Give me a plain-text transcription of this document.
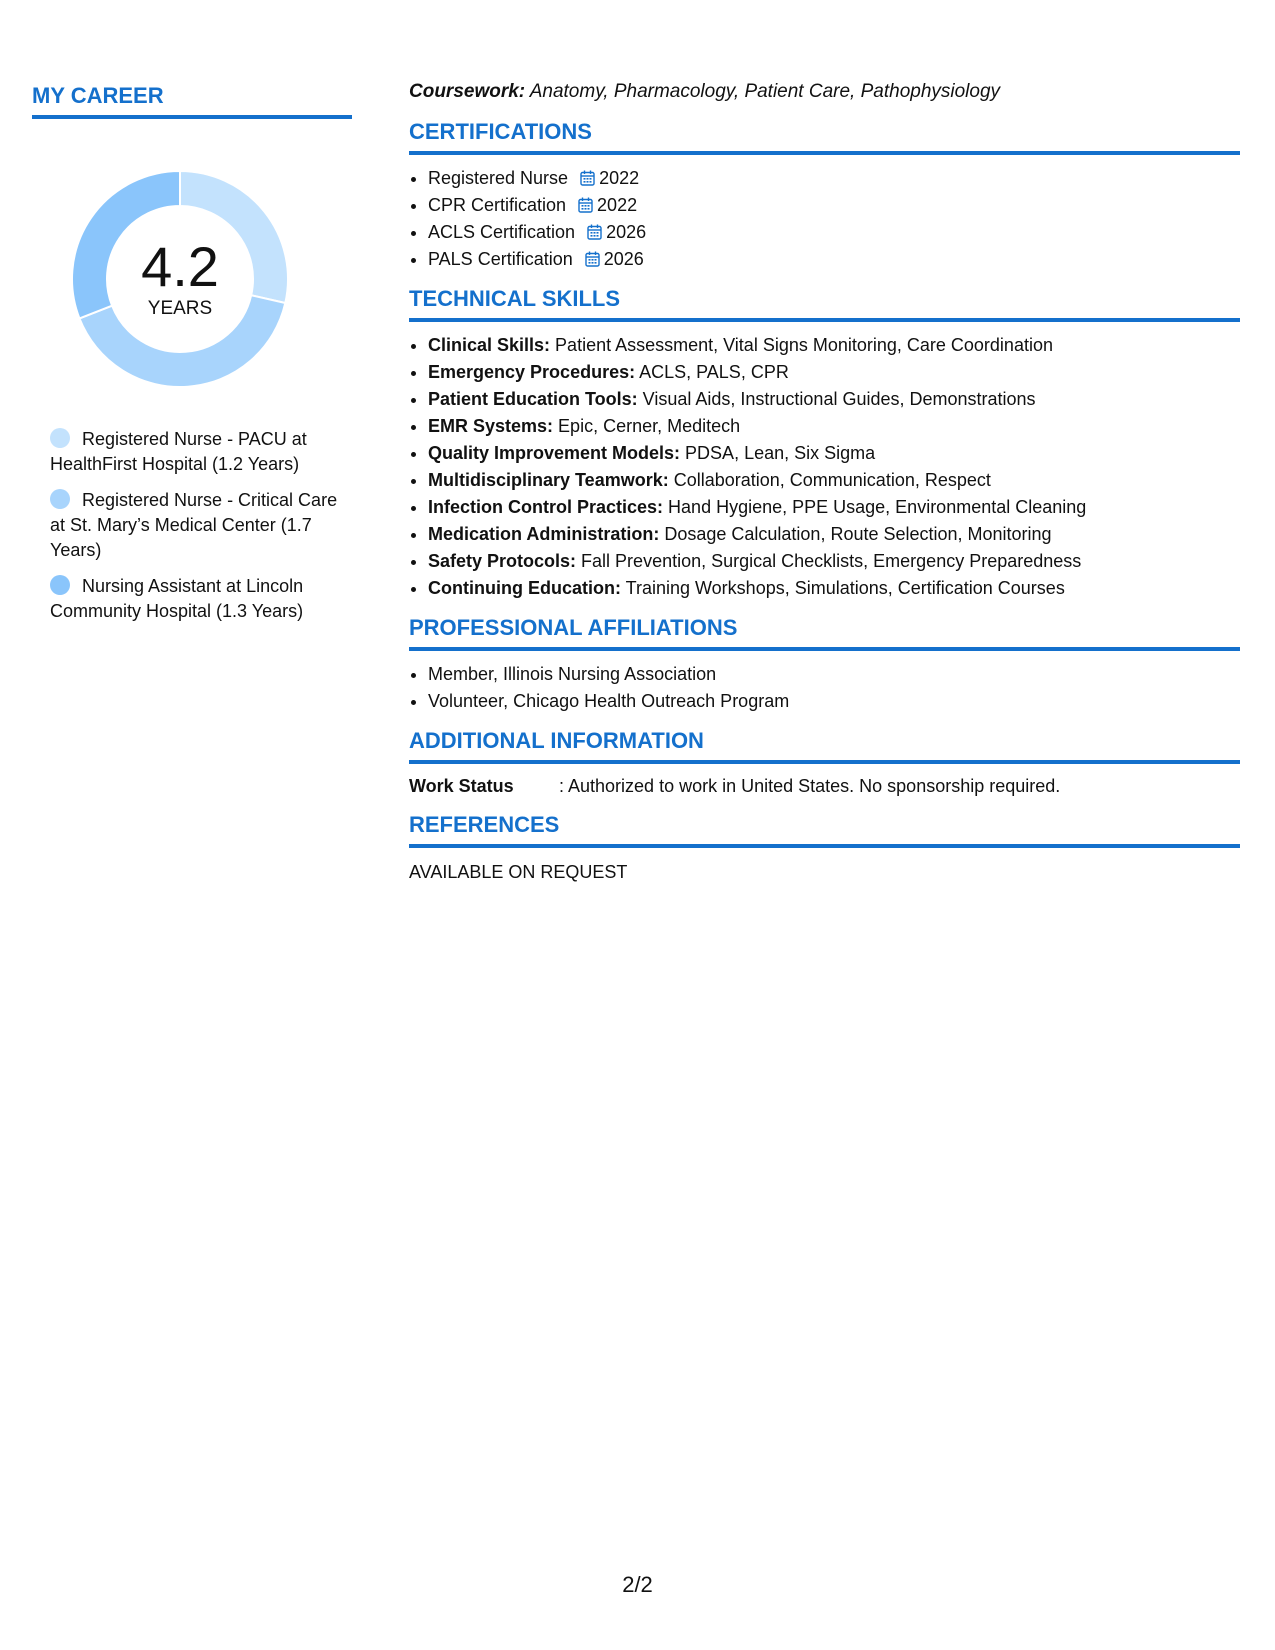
MY CAREER
4.2
YEARS
Registered Nurse - PACU at HealthFirst Hospital (1.2 Years)
Registered Nurse - Critical Care at St. Mary’s Medical Center (1.7 Years)
Nursing Assistant at Lincoln Community Hospital (1.3 Years)
Coursework: Anatomy, Pharmacology, Patient Care, Pathophysiology
CERTIFICATIONS
• Registered Nurse 2022
• CPR Certification 2022
• ACLS Certification 2026
• PALS Certification 2026
TECHNICAL SKILLS
• Clinical Skills: Patient Assessment, Vital Signs Monitoring, Care Coordination
• Emergency Procedures: ACLS, PALS, CPR
• Patient Education Tools: Visual Aids, Instructional Guides, Demonstrations
• EMR Systems: Epic, Cerner, Meditech
• Quality Improvement Models: PDSA, Lean, Six Sigma
• Multidisciplinary Teamwork: Collaboration, Communication, Respect
• Infection Control Practices: Hand Hygiene, PPE Usage, Environmental Cleaning
• Medication Administration: Dosage Calculation, Route Selection, Monitoring
• Safety Protocols: Fall Prevention, Surgical Checklists, Emergency Preparedness
• Continuing Education: Training Workshops, Simulations, Certification Courses
PROFESSIONAL AFFILIATIONS
• Member, Illinois Nursing Association
• Volunteer, Chicago Health Outreach Program
ADDITIONAL INFORMATION
Work Status	: Authorized to work in United States. No sponsorship required.
REFERENCES
AVAILABLE ON REQUEST
2/2
